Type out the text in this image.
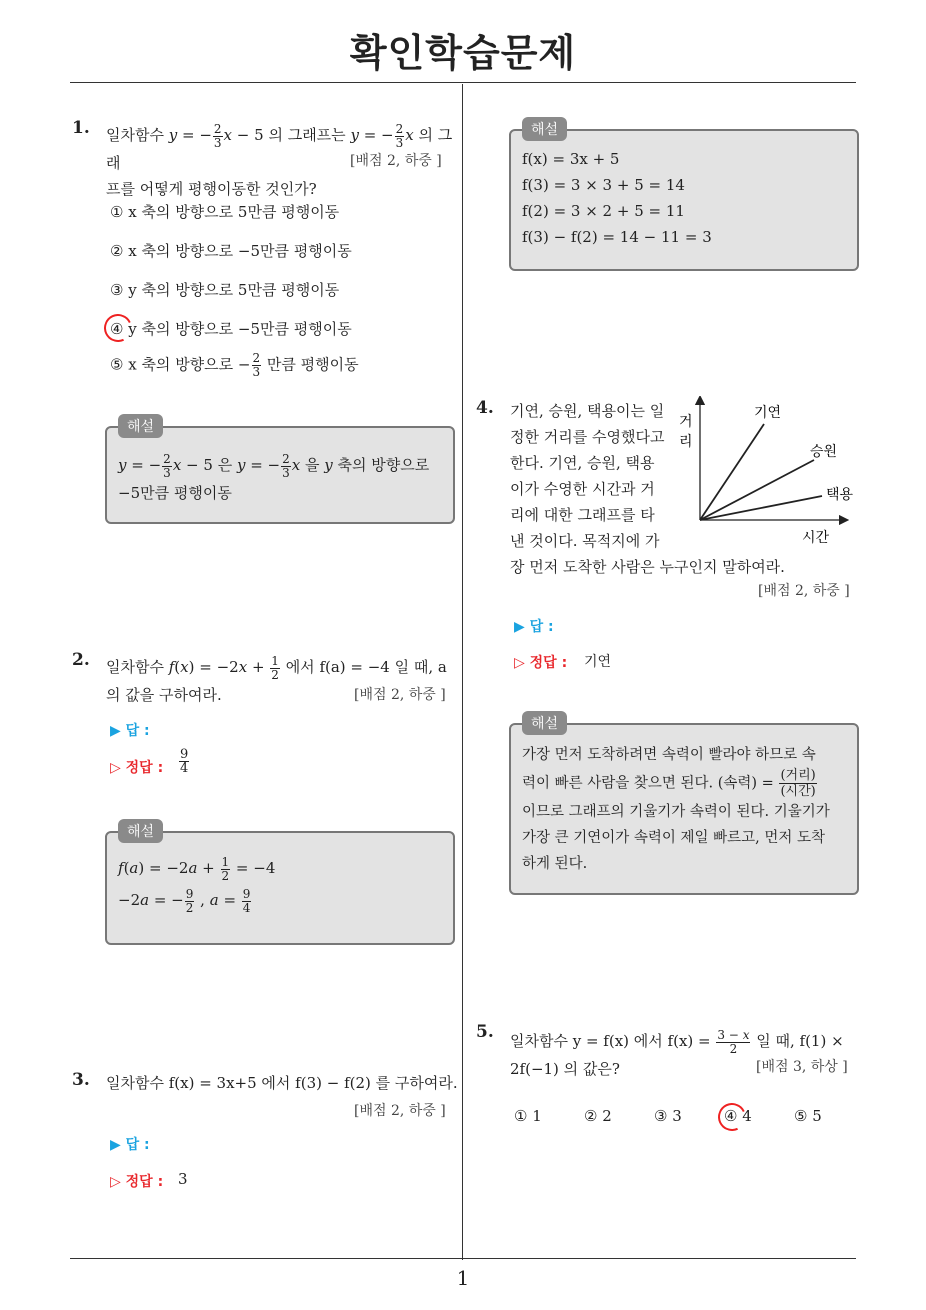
확인학습문제
1
1. 일차함수 y = − $\frac{2}{3}$ x − 5 의 그래프는 y = − $\frac{2}{3}$ x 의 그래
프를 어떻게 평행이동한 것인가?
[배점 2, 하중 ]
① x 축의 방향으로 5만큼 평행이동
② x 축의 방향으로 −5만큼 평행이동
③ y 축의 방향으로 5만큼 평행이동
④ y 축의 방향으로 −5만큼 평행이동
⑤ x 축의 방향으로 − $\frac{2}{3}$ 만큼 평행이동
해설
y = − $\frac{2}{3}$ x − 5 은 y = − $\frac{2}{3}$ x 을 y 축의 방향으로
−5만큼 평행이동
2. 일차함수 $f(x) = -2x + \frac{1}{2}$ 에서 f(a) = −4 일 때, a
의 값을 구하여라.	[배점 2, 하중 ]
▶ 답 :
▷ 정답 : $\frac{9}{4}$
해설
$f(a) = -2a + \frac{1}{2} = -4$
−2a = − $\frac{9}{2}$ , $a = \frac{9}{4}$
3. 일차함수 f(x) = 3x+5 에서 f(3) − f(2) 를 구하여라.
[배점 2, 하중 ]
▶ 답 :
▷ 정답 : 3
해설
f(x) = 3x + 5
f(3) = 3 × 3 + 5 = 14
f(2) = 3 × 2 + 5 = 11
f(3) − f(2) = 14 − 11 = 3
4. 기연, 승원, 택용이는 일
정한 거리를 수영했다고
한다. 기연, 승원, 택용
이가 수영한 시간과 거
리에 대한 그래프를 타
낸 것이다. 목적지에 가
장 먼저 도착한 사람은 누구인지 말하여라.
[배점 2, 하중 ]
거
리
기연
승원
택용
시간
▶ 답 :
▷ 정답 : 기연
해설
가장 먼저 도착하려면 속력이 빨라야 하므로 속
력이 빠른 사람을 찾으면 된다. (속력) = $\frac{\text{(거리)}}{\text{(시간)}}$
이므로 그래프의 기울기가 속력이 된다. 기울기가
가장 큰 기연이가 속력이 제일 빠르고, 먼저 도착
하게 된다.
5. 일차함수 y = f(x) 에서 $f(x) = \frac{3 - x}{2}$ 일 때, f(1) ×
2f(−1) 의 값은?	[배점 3, 하상 ]
① 1	② 2	③ 3	④ 4	⑤ 5
